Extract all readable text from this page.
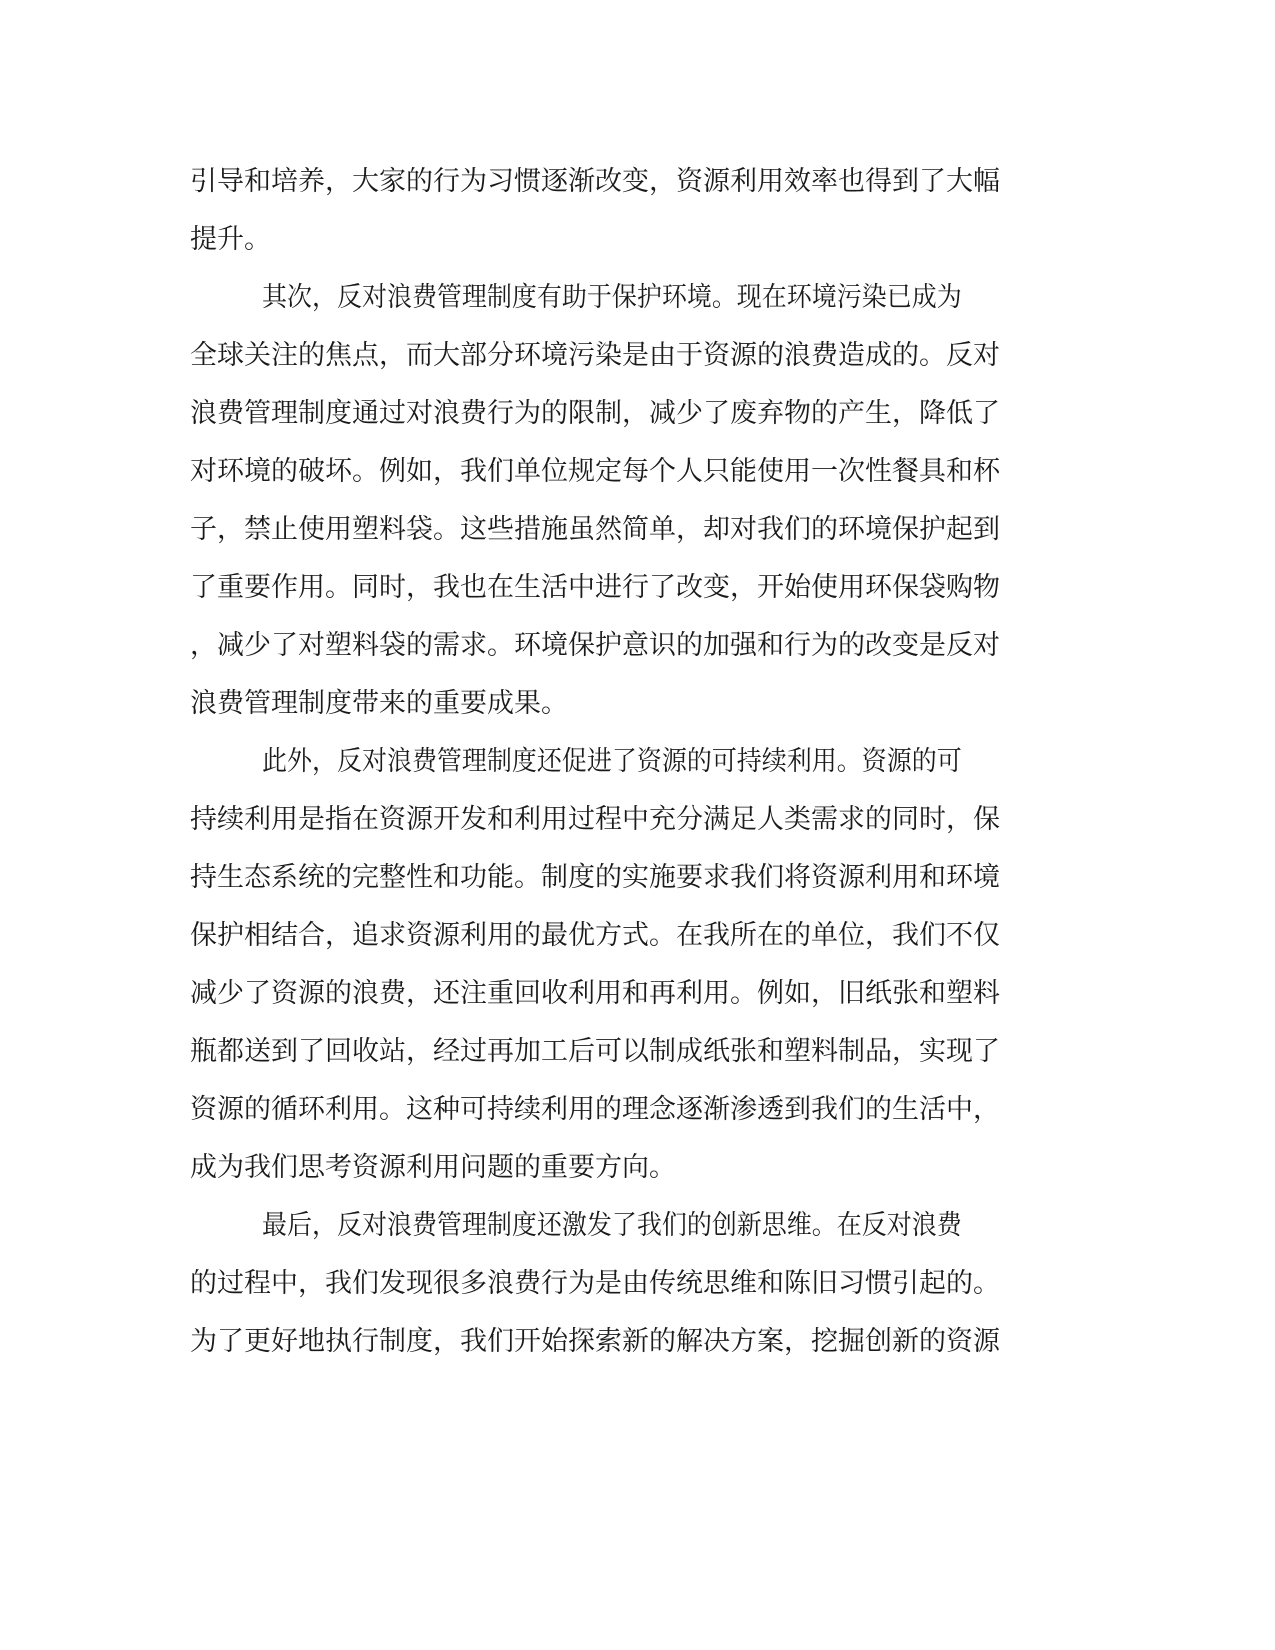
引导和培养，大家的行为习惯逐渐改变，资源利用效率也得到了大幅
提升。
其次，反对浪费管理制度有助于保护环境。现在环境污染已成为
全球关注的焦点，而大部分环境污染是由于资源的浪费造成的。反对
浪费管理制度通过对浪费行为的限制，减少了废弃物的产生，降低了
对环境的破坏。例如，我们单位规定每个人只能使用一次性餐具和杯
子，禁止使用塑料袋。这些措施虽然简单，却对我们的环境保护起到
了重要作用。同时，我也在生活中进行了改变，开始使用环保袋购物
，减少了对塑料袋的需求。环境保护意识的加强和行为的改变是反对
浪费管理制度带来的重要成果。
此外，反对浪费管理制度还促进了资源的可持续利用。资源的可
持续利用是指在资源开发和利用过程中充分满足人类需求的同时，保
持生态系统的完整性和功能。制度的实施要求我们将资源利用和环境
保护相结合，追求资源利用的最优方式。在我所在的单位，我们不仅
减少了资源的浪费，还注重回收利用和再利用。例如，旧纸张和塑料
瓶都送到了回收站，经过再加工后可以制成纸张和塑料制品，实现了
资源的循环利用。这种可持续利用的理念逐渐渗透到我们的生活中，
成为我们思考资源利用问题的重要方向。
最后，反对浪费管理制度还激发了我们的创新思维。在反对浪费
的过程中，我们发现很多浪费行为是由传统思维和陈旧习惯引起的。
为了更好地执行制度，我们开始探索新的解决方案，挖掘创新的资源
